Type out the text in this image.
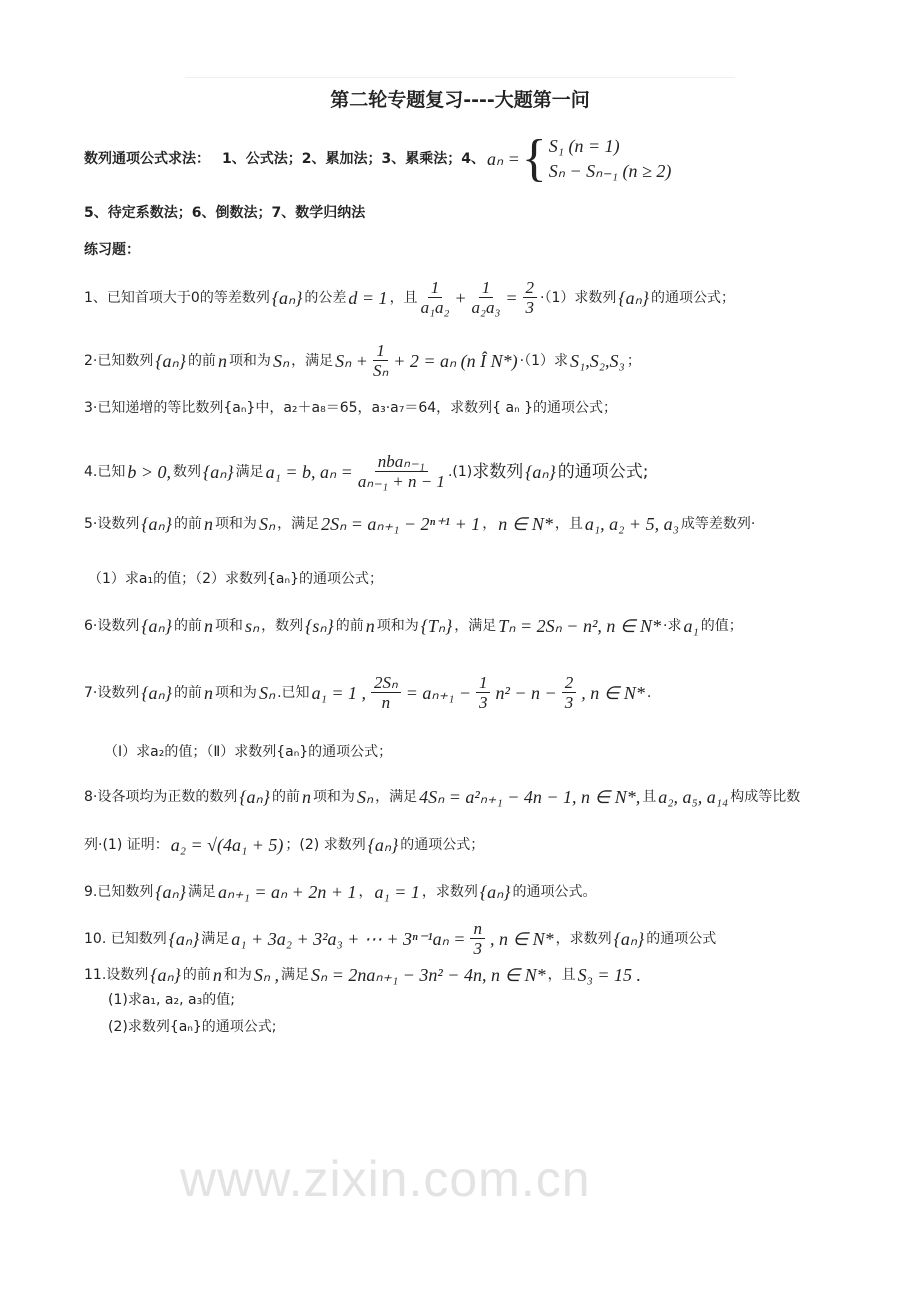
www.zixin.com.cn
第二轮专题复习----大题第一问
数列通项公式求法： 1、公式法；2、累加法；3、累乘法；4、 aₙ = { S₁ (n = 1)
Sₙ − Sₙ₋₁ (n ≥ 2)
5、待定系数法；6、倒数法；7、数学归纳法
练习题：
1、已知首项大于0的等差数列 {aₙ} 的公差 d = 1 ，且 $\frac{1}{\text{a₁a₂}} + \frac{1}{\text{a₂a₃}} = \frac{2}{3} \cdot(1)$求数列 {aₙ} 的通项公式；
2·已知数列 {aₙ} 的前 n 项和为 Sₙ ，满足 $S_n + \frac{1}{\text{Sₙ}} + 2 = a_n$ (n Î N*) ·（1）求 S₁,S₂,S₃ ；
3·已知递增的等比数列{aₙ}中，a₂＋a₈＝65，a₃·a₇＝64，求数列{ aₙ }的通项公式；
4.已知 b > 0, 数列 {aₙ} 满足 a₁ = b, $a_n = \frac{\text{nbaₙ₋₁}}{\text{aₙ₋₁ + n − 1}} .(1)$ 求数列 {aₙ} 的通项公式;
5·设数列 {aₙ} 的前 n 项和为 Sₙ ，满足 2Sₙ = aₙ₊₁ − 2ⁿ⁺¹ + 1 ， n ∈ N* ，且 a₁, a₂ + 5, a₃ 成等差数列·
（1）求a₁的值；（2）求数列{aₙ}的通项公式；
6·设数列 {aₙ} 的前 n 项和 sₙ ，数列 {sₙ} 的前 n 项和为 {Tₙ} ，满足 Tₙ = 2Sₙ − n², n ∈ N* ·求 a₁ 的值；
7·设数列 {aₙ} 的前 n 项和为 Sₙ .已知 a₁ = 1 , $\frac{\text{2Sₙ}}{n} = a_{n+1} - \frac{1}{3} n^2 - n - \frac{2}{3}$ , n ∈ N* .
（Ⅰ）求a₂的值；（Ⅱ）求数列{aₙ}的通项公式；
8·设各项均为正数的数列 {aₙ} 的前 n 项和为 Sₙ ，满足 4Sₙ = a²ₙ₊₁ − 4n − 1, n ∈ N*, 且 a₂, a₅, a₁₄ 构成等比数
列·(1) 证明： a₂ = √(4a₁ + 5) ；(2) 求数列 {aₙ} 的通项公式；
9.已知数列 {aₙ} 满足 aₙ₊₁ = aₙ + 2n + 1 ， a₁ = 1 ，求数列 {aₙ} 的通项公式。
10. 已知数列 {aₙ} 满足 a₁ + 3a₂ + 3²a₃ + ⋯ + $3^{n-1}a_n = \frac{n}{3}$ , n ∈ N* ，求数列 {aₙ} 的通项公式
11.设数列 {aₙ} 的前 n 和为 Sₙ , 满足 Sₙ = 2naₙ₊₁ − 3n² − 4n, n ∈ N* ，且 S₃ = 15 .
(1)求a₁, a₂, a₃的值;
(2)求数列{aₙ}的通项公式;
